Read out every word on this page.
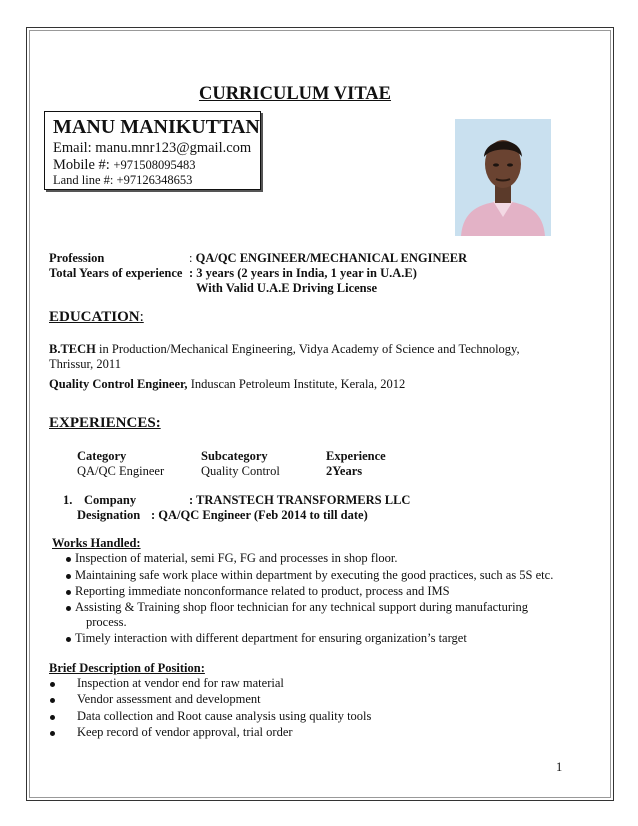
CURRICULUM VITAE
MANU MANIKUTTAN
Email: manu.mnr123@gmail.com
Mobile #: +971508095483
Land line #: +97126348653
Profession	: QA/QC ENGINEER/MECHANICAL ENGINEER
Total Years of experience : 3 years (2 years in India, 1 year in U.A.E)
With Valid U.A.E Driving License
EDUCATION:
B.TECH in Production/Mechanical Engineering, Vidya Academy of Science and Technology,
Thrissur, 2011
Quality Control Engineer, Induscan Petroleum Institute, Kerala, 2012
EXPERIENCES:
Category	Subcategory	Experience
QA/QC Engineer	Quality Control	2Years
1. Company	: TRANSTECH TRANSFORMERS LLC
Designation : QA/QC Engineer (Feb 2014 to till date)
Works Handled:
Inspection of material, semi FG, FG and processes in shop floor.
Maintaining safe work place within department by executing the good practices, such as 5S etc.
Reporting immediate nonconformance related to product, process and IMS
Assisting & Training shop floor technician for any technical support during manufacturing
process.
Timely interaction with different department for ensuring organization’s target
Brief Description of Position:
Inspection at vendor end for raw material
Vendor assessment and development
Data collection and Root cause analysis using quality tools
Keep record of vendor approval, trial order
1
